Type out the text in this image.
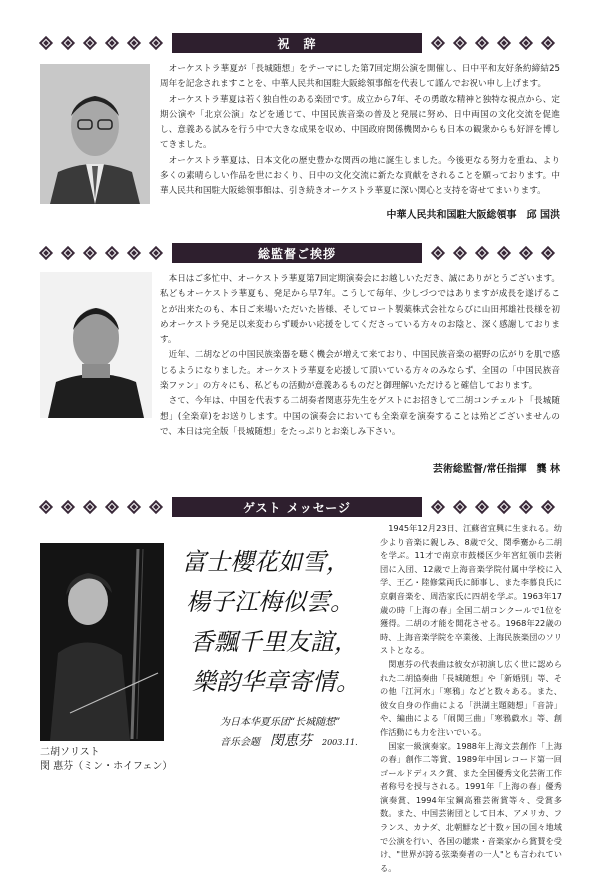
祝　辞

オーケストラ華夏が「長城随想」をテーマにした第7回定期公演を開催し、日中平和友好条約締結25周年を記念されますことを、中華人民共和国駐大阪総領事館を代表して謹んでお祝い申し上げます。

オーケストラ華夏は若く独自性のある楽団です。成立から7年、その勇敢な精神と独特な視点から、定期公演や「北京公演」などを通じて、中国民族音楽の普及と発展に努め、日中両国の文化交流を促進し、意義ある試みを行う中で大きな成果を収め、中国政府関係機関からも日本の観衆からも好評を博してきました。

オーケストラ華夏は、日本文化の歴史豊かな関西の地に誕生しました。今後更なる努力を重ね、より多くの素晴らしい作品を世におくり、日中の文化交流に新たな貢献をされることを願っております。中華人民共和国駐大阪総領事館は、引き続きオーケストラ華夏に深い関心と支持を寄せてまいります。

中華人民共和国駐大阪総領事　邱 国洪
総監督ご挨拶

本日はご多忙中、オーケストラ華夏第7回定期演奏会にお越しいただき、誠にありがとうございます。私どもオーケストラ華夏も、発足から早7年。こうして毎年、少しづつではありますが成長を遂げることが出来たのも、本日ご来場いただいた皆様、そしてロート製薬株式会社ならびに山田邦雄社長様を初めオーケストラ発足以来変わらず暖かい応援をしてくださっている方々のお陰と、深く感謝しております。

近年、二胡などの中国民族楽器を聴く機会が増えて来ており、中国民族音楽の裾野の広がりを肌で感じるようになりました。オーケストラ華夏を応援して頂いている方々のみならず、全国の「中国民族音楽ファン」の方々にも、私どもの活動が意義あるものだと御理解いただけると確信しております。

さて、今年は、中国を代表する二胡奏者閔恵芬先生をゲストにお招きして二胡コンチェルト「長城随想」(全楽章)をお送りします。中国の演奏会においても全楽章を演奏することは殆どございませんので、本日は完全版「長城随想」をたっぷりとお楽しみ下さい。

芸術総監督/常任指揮　龔 林
ゲスト メッセージ
二胡ソリスト
閔 惠芬（ミン・ホイフェン）
富士櫻花如雪，
楊子江梅似雲。
香飄千里友誼，
樂韵华章寄情。
为日本华夏乐团“长城随想”
音乐会题 閔恵芬 2003.11.

1945年12月23日、江蘇省宜興に生まれる。幼少より音楽に親しみ、8歳で父、閔季騫から二胡を学ぶ。11才で南京市鼓楼区少年宮紅領巾芸術団に入団、12歳で上海音楽学院付属中学校に入学、王乙・陸修棠両氏に師事し、また李慕良氏に京劇音楽を、周浩家氏に四胡を学ぶ。1963年17歳の時「上海の春」全国二胡コンクールで1位を獲得。二胡の才能を開花させる。1968年22歳の時、上海音楽学院を卒業後、上海民族楽団のソリストとなる。

閔恵芬の代表曲は彼女が初演し広く世に認められた二胡協奏曲「長城随想」や「新婚別」等、その他「江河水」「寒鴉」などと数々ある。また、彼女自身の作曲による「洪湖主題随想」「音詩」や、編曲による「闹関三曲」「寒鴉戯水」等、創作活動にも力を注いでいる。

国家一級演奏家。1988年上海文芸創作「上海の春」創作二等賞、1989年中国レコード第一回ゴールドディスク賞、また全国優秀文化芸術工作者称号を授与される。1991年「上海の春」優秀演奏賞、1994年宝鋼高雅芸術賞等々、受賞多数。また、中国芸術団として日本、アメリカ、フランス、カナダ、北朝鮮など十数ヶ国の国々地域で公演を行い、各国の聴衆・音楽家から賞賛を受け、"世界が誇る弦楽奏者の一人"とも言われている。
